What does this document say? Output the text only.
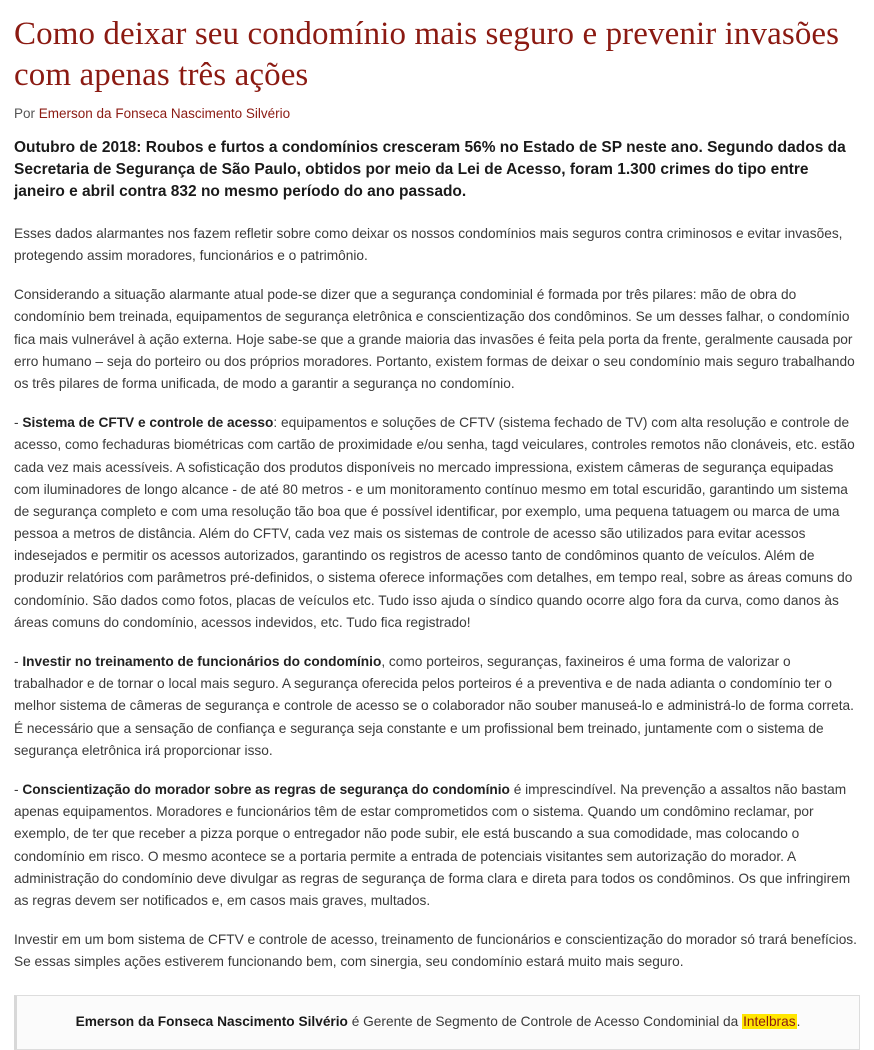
Como deixar seu condomínio mais seguro e prevenir invasões com apenas três ações
Por Emerson da Fonseca Nascimento Silvério

Outubro de 2018: Roubos e furtos a condomínios cresceram 56% no Estado de SP neste ano. Segundo dados da Secretaria de Segurança de São Paulo, obtidos por meio da Lei de Acesso, foram 1.300 crimes do tipo entre janeiro e abril contra 832 no mesmo período do ano passado.

Esses dados alarmantes nos fazem refletir sobre como deixar os nossos condomínios mais seguros contra criminosos e evitar invasões, protegendo assim moradores, funcionários e o patrimônio.

Considerando a situação alarmante atual pode-se dizer que a segurança condominial é formada por três pilares: mão de obra do condomínio bem treinada, equipamentos de segurança eletrônica e conscientização dos condôminos. Se um desses falhar, o condomínio fica mais vulnerável à ação externa. Hoje sabe-se que a grande maioria das invasões é feita pela porta da frente, geralmente causada por erro humano – seja do porteiro ou dos próprios moradores. Portanto, existem formas de deixar o seu condomínio mais seguro trabalhando os três pilares de forma unificada, de modo a garantir a segurança no condomínio.

- Sistema de CFTV e controle de acesso: equipamentos e soluções de CFTV (sistema fechado de TV) com alta resolução e controle de acesso, como fechaduras biométricas com cartão de proximidade e/ou senha, tagd veiculares, controles remotos não clonáveis, etc. estão cada vez mais acessíveis. A sofisticação dos produtos disponíveis no mercado impressiona, existem câmeras de segurança equipadas com iluminadores de longo alcance - de até 80 metros - e um monitoramento contínuo mesmo em total escuridão, garantindo um sistema de segurança completo e com uma resolução tão boa que é possível identificar, por exemplo, uma pequena tatuagem ou marca de uma pessoa a metros de distância. Além do CFTV, cada vez mais os sistemas de controle de acesso são utilizados para evitar acessos indesejados e permitir os acessos autorizados, garantindo os registros de acesso tanto de condôminos quanto de veículos. Além de produzir relatórios com parâmetros pré-definidos, o sistema oferece informações com detalhes, em tempo real, sobre as áreas comuns do condomínio. São dados como fotos, placas de veículos etc. Tudo isso ajuda o síndico quando ocorre algo fora da curva, como danos às áreas comuns do condomínio, acessos indevidos, etc. Tudo fica registrado!

- Investir no treinamento de funcionários do condomínio, como porteiros, seguranças, faxineiros é uma forma de valorizar o trabalhador e de tornar o local mais seguro. A segurança oferecida pelos porteiros é a preventiva e de nada adianta o condomínio ter o melhor sistema de câmeras de segurança e controle de acesso se o colaborador não souber manuseá-lo e administrá-lo de forma correta. É necessário que a sensação de confiança e segurança seja constante e um profissional bem treinado, juntamente com o sistema de segurança eletrônica irá proporcionar isso.

- Conscientização do morador sobre as regras de segurança do condomínio é imprescindível. Na prevenção a assaltos não bastam apenas equipamentos. Moradores e funcionários têm de estar comprometidos com o sistema. Quando um condômino reclamar, por exemplo, de ter que receber a pizza porque o entregador não pode subir, ele está buscando a sua comodidade, mas colocando o condomínio em risco. O mesmo acontece se a portaria permite a entrada de potenciais visitantes sem autorização do morador. A administração do condomínio deve divulgar as regras de segurança de forma clara e direta para todos os condôminos. Os que infringirem as regras devem ser notificados e, em casos mais graves, multados.

Investir em um bom sistema de CFTV e controle de acesso, treinamento de funcionários e conscientização do morador só trará benefícios. Se essas simples ações estiverem funcionando bem, com sinergia, seu condomínio estará muito mais seguro.

Emerson da Fonseca Nascimento Silvério é Gerente de Segmento de Controle de Acesso Condominial da Intelbras.
